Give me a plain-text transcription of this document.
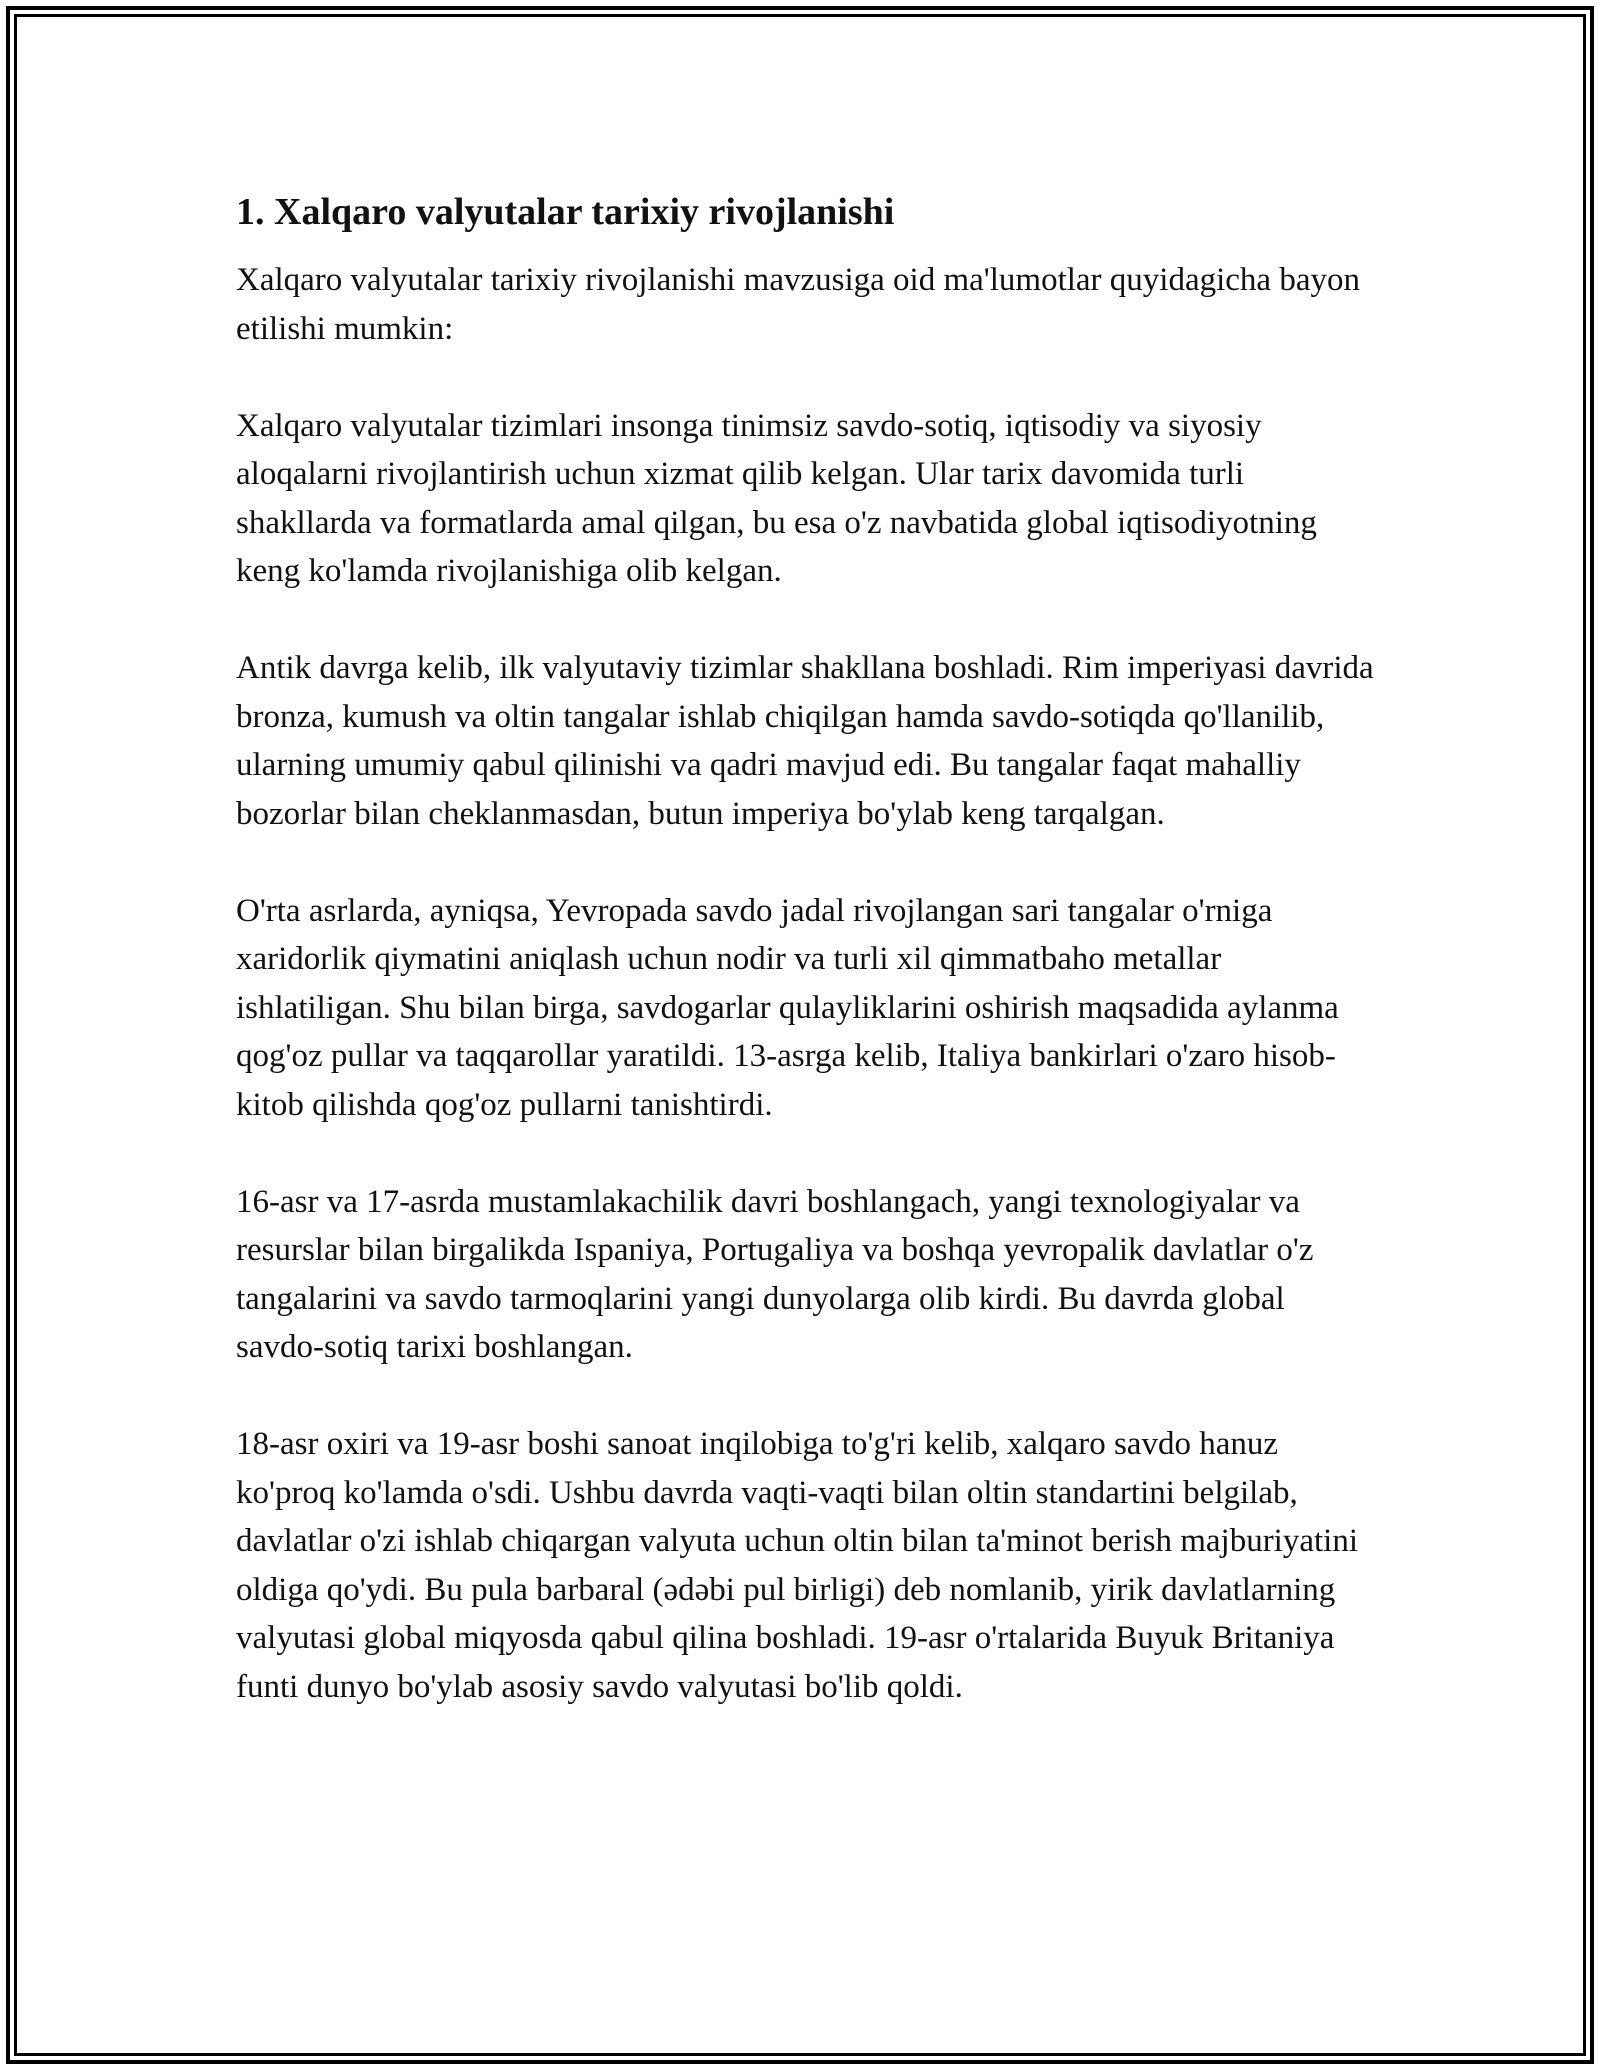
1. Xalqaro valyutalar tarixiy rivojlanishi

Xalqaro valyutalar tarixiy rivojlanishi mavzusiga oid ma'lumotlar quyidagicha bayon etilishi mumkin:

Xalqaro valyutalar tizimlari insonga tinimsiz savdo-sotiq, iqtisodiy va siyosiy aloqalarni rivojlantirish uchun xizmat qilib kelgan. Ular tarix davomida turli shakllarda va formatlarda amal qilgan, bu esa o'z navbatida global iqtisodiyotning keng ko'lamda rivojlanishiga olib kelgan.

Antik davrga kelib, ilk valyutaviy tizimlar shakllana boshladi. Rim imperiyasi davrida bronza, kumush va oltin tangalar ishlab chiqilgan hamda savdo-sotiqda qo'llanilib, ularning umumiy qabul qilinishi va qadri mavjud edi. Bu tangalar faqat mahalliy bozorlar bilan cheklanmasdan, butun imperiya bo'ylab keng tarqalgan.

O'rta asrlarda, ayniqsa, Yevropada savdo jadal rivojlangan sari tangalar o'rniga xaridorlik qiymatini aniqlash uchun nodir va turli xil qimmatbaho metallar ishlatiligan. Shu bilan birga, savdogarlar qulayliklarini oshirish maqsadida aylanma qog'oz pullar va taqqarollar yaratildi. 13-asrga kelib, Italiya bankirlari o'zaro hisob-kitob qilishda qog'oz pullarni tanishtirdi.

16-asr va 17-asrda mustamlakachilik davri boshlangach, yangi texnologiyalar va resurslar bilan birgalikda Ispaniya, Portugaliya va boshqa yevropalik davlatlar o'z tangalarini va savdo tarmoqlarini yangi dunyolarga olib kirdi. Bu davrda global savdo-sotiq tarixi boshlangan.

18-asr oxiri va 19-asr boshi sanoat inqilobiga to'g'ri kelib, xalqaro savdo hanuz ko'proq ko'lamda o'sdi. Ushbu davrda vaqti-vaqti bilan oltin standartini belgilab, davlatlar o'zi ishlab chiqargan valyuta uchun oltin bilan ta'minot berish majburiyatini oldiga qo'ydi. Bu pula barbaral (ədəbi pul birligi) deb nomlanib, yirik davlatlarning valyutasi global miqyosda qabul qilina boshladi. 19-asr o'rtalarida Buyuk Britaniya funti dunyo bo'ylab asosiy savdo valyutasi bo'lib qoldi.
